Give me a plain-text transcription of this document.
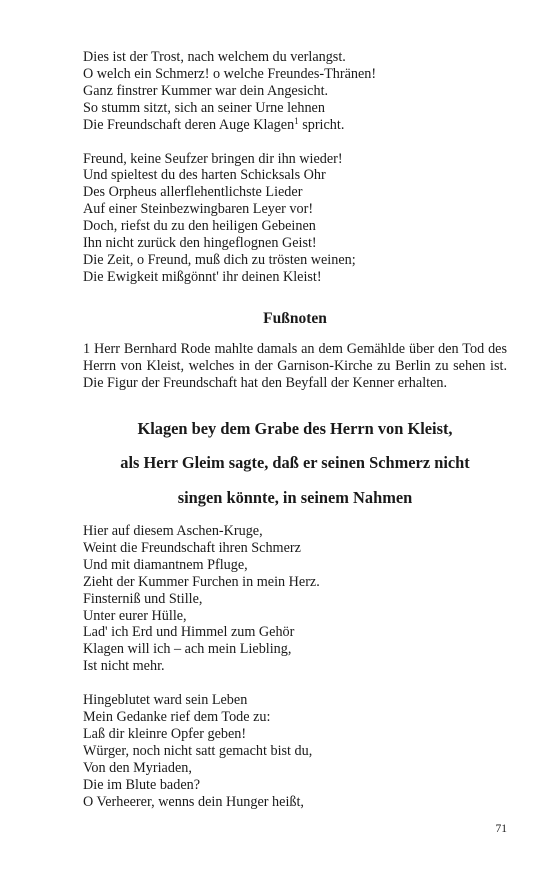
Dies ist der Trost, nach welchem du verlangst.
O welch ein Schmerz! o welche Freundes-Thränen!
Ganz finstrer Kummer war dein Angesicht.
So stumm sitzt, sich an seiner Urne lehnen
Die Freundschaft deren Auge Klagen$^1$ spricht.
Freund, keine Seufzer bringen dir ihn wieder!
Und spieltest du des harten Schicksals Ohr
Des Orpheus allerflehentlichste Lieder
Auf einer Steinbezwingbaren Leyer vor!
Doch, riefst du zu den heiligen Gebeinen
Ihn nicht zurück den hingeflognen Geist!
Die Zeit, o Freund, muß dich zu trösten weinen;
Die Ewigkeit mißgönnt' ihr deinen Kleist!
Fußnoten
1 Herr Bernhard Rode mahlte damals an dem Gemählde über den Tod des Herrn von Kleist, welches in der Garnison-Kirche zu Berlin zu sehen ist. Die Figur der Freundschaft hat den Beyfall der Kenner erhalten.
Klagen bey dem Grabe des Herrn von Kleist,
als Herr Gleim sagte, daß er seinen Schmerz nicht
singen könnte, in seinem Nahmen
Hier auf diesem Aschen-Kruge,
Weint die Freundschaft ihren Schmerz
Und mit diamantnem Pfluge,
Zieht der Kummer Furchen in mein Herz.
Finsterniß und Stille,
Unter eurer Hülle,
Lad' ich Erd und Himmel zum Gehör
Klagen will ich – ach mein Liebling,
Ist nicht mehr.
Hingeblutet ward sein Leben
Mein Gedanke rief dem Tode zu:
Laß dir kleinre Opfer geben!
Würger, noch nicht satt gemacht bist du,
Von den Myriaden,
Die im Blute baden?
O Verheerer, wenns dein Hunger heißt,
71
